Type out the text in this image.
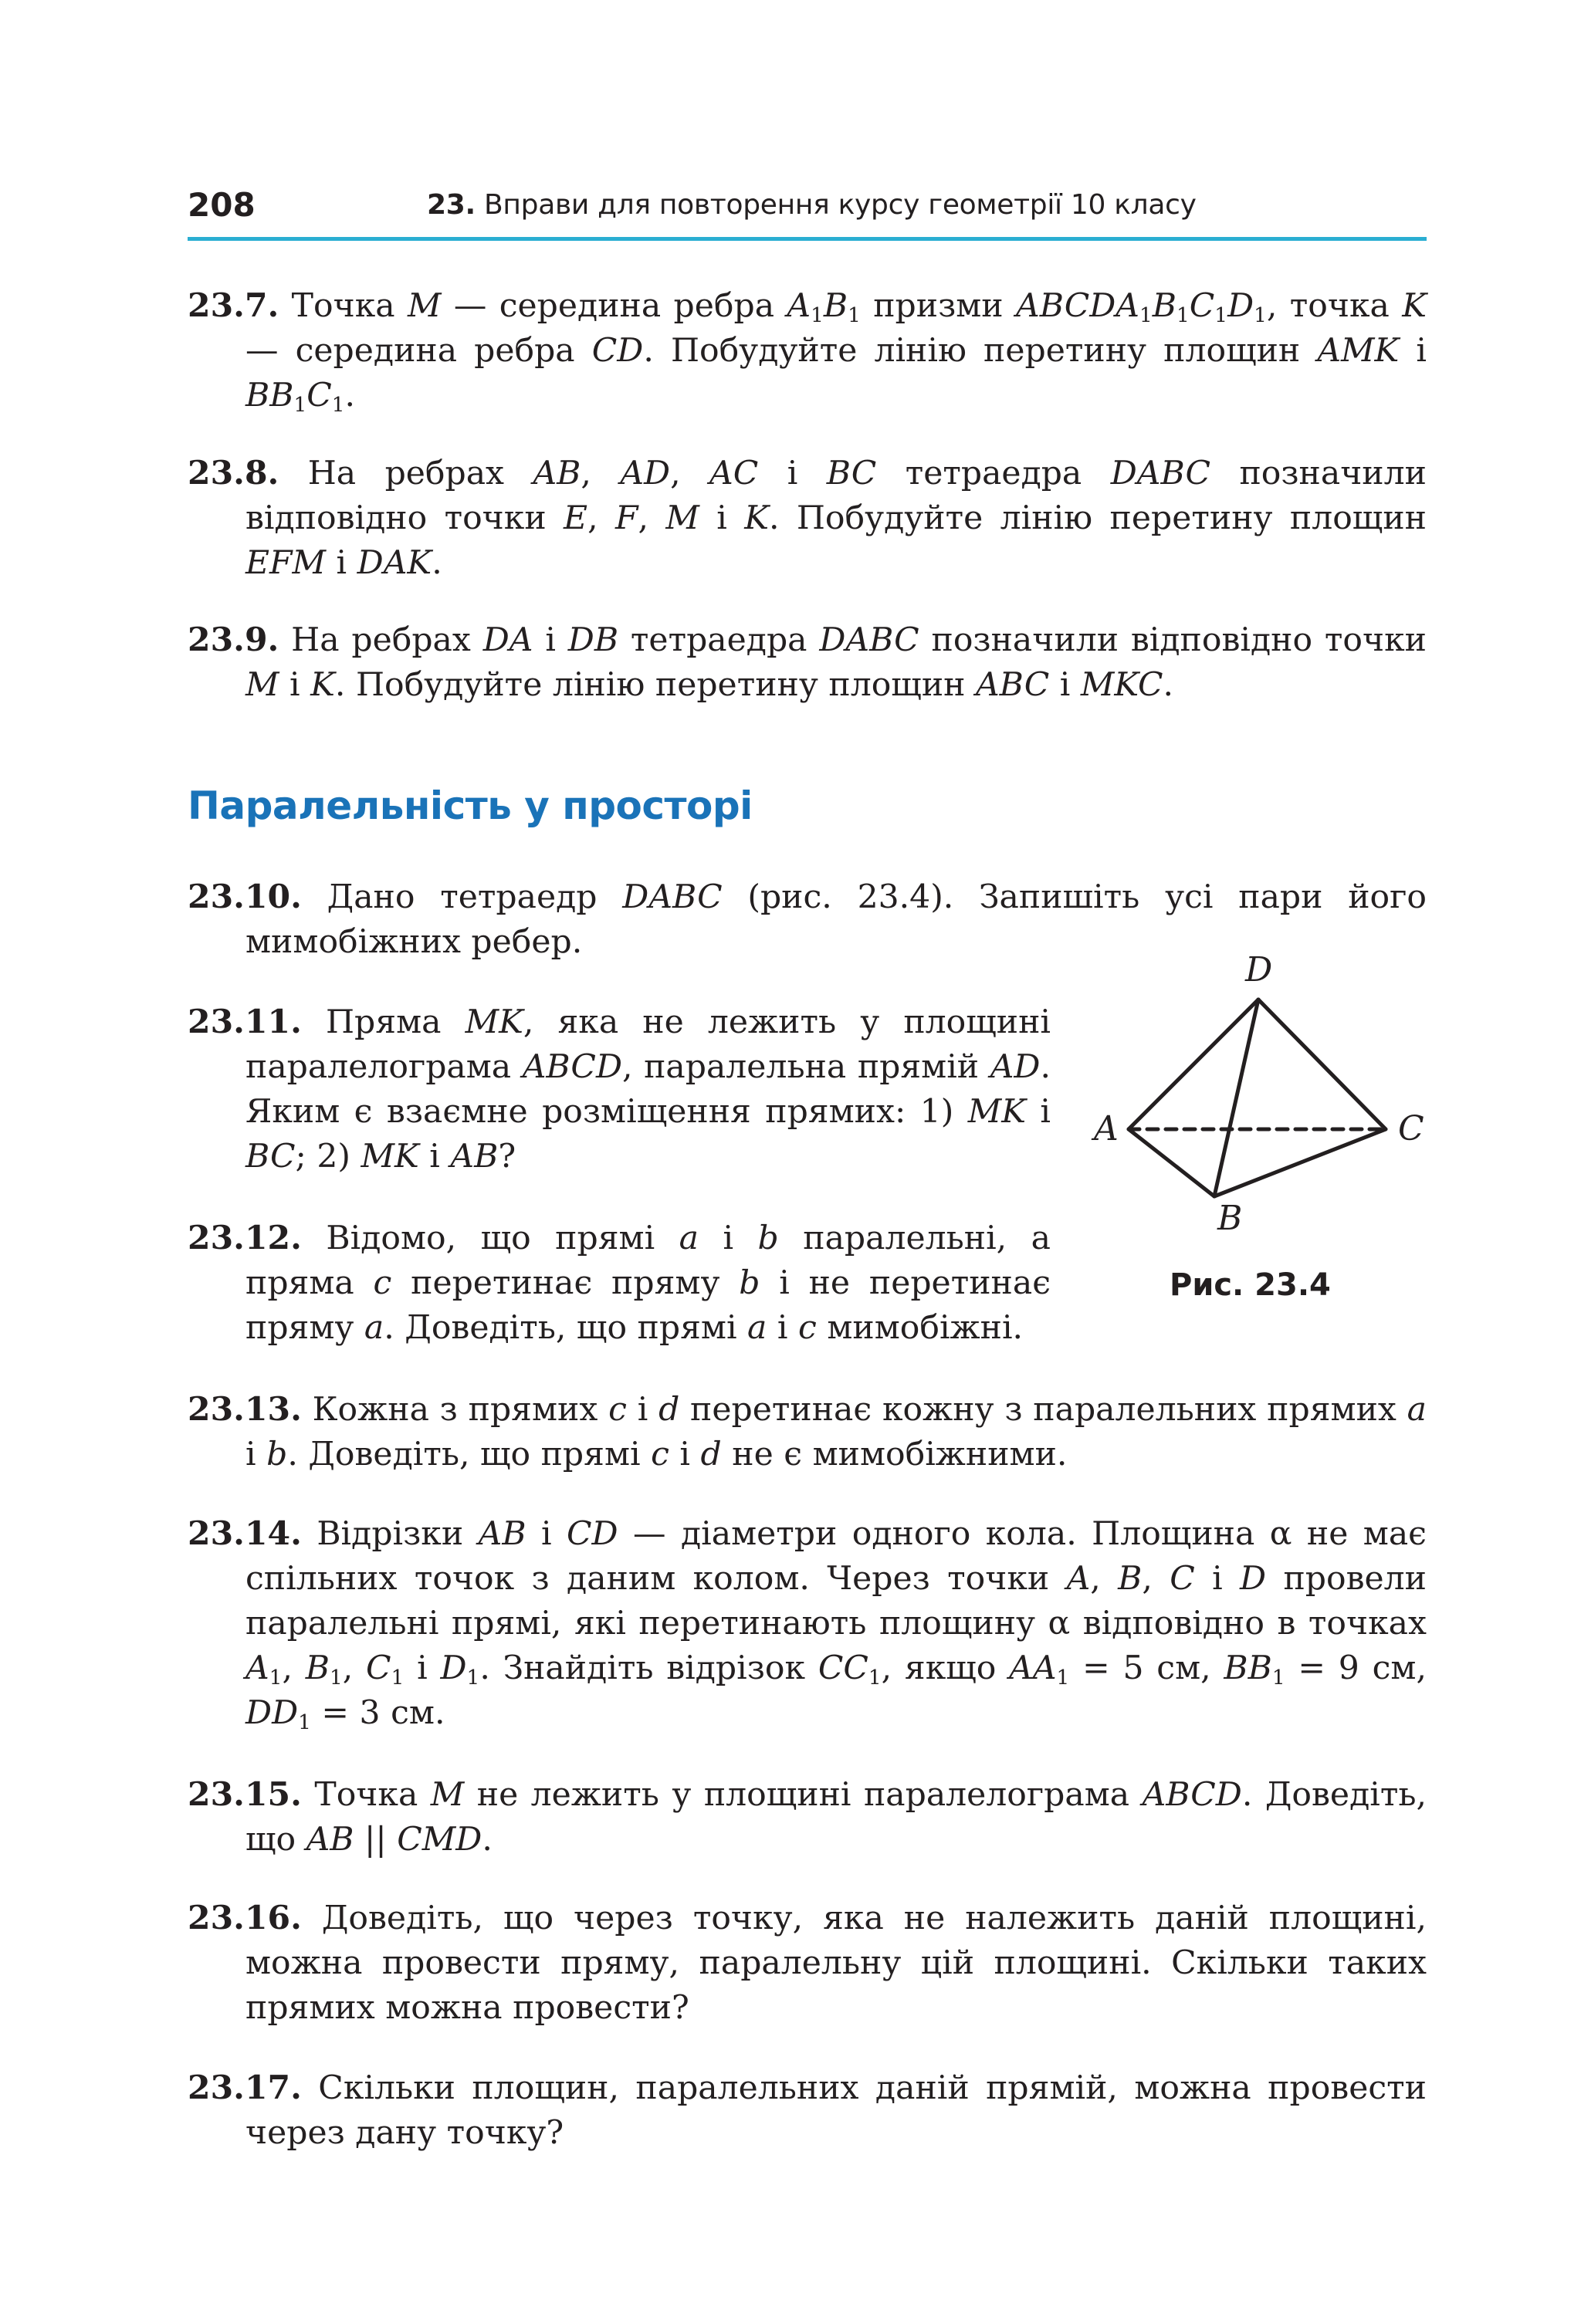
208	23. Вправи для повторення курсу геометрії 10 класу

23.7. Точка M — середина ребра $A_1B_1$ призми $ABCDA_1B_1C_1D_1$, точка K — середина ребра CD. Побудуйте лінію перетину площин AMK і $BB_1C_1$.

23.8. На ребрах AB, AD, AC і BC тетраедра DABC позначили відповідно точки E, F, M і K. Побудуйте лінію перетину площин EFM і DAK.

23.9. На ребрах DA і DB тетраедра DABC позначили відповідно точки M і K. Побудуйте лінію перетину площин ABC і MKC.

Паралельність у просторі

23.10. Дано тетраедр DABC (рис. 23.4). Запишіть усі пари його мимобіжних ребер.

D
A	C
B
Рис. 23.4

23.11. Пряма MK, яка не лежить у площині паралелограма ABCD, паралельна прямій AD. Яким є взаємне розміщення прямих: 1) MK і BC; 2) MK і AB?

23.12. Відомо, що прямі a і b паралельні, а пряма c перетинає пряму b і не перетинає пряму a. Доведіть, що прямі a і c мимобіжні.

23.13. Кожна з прямих c і d перетинає кожну з паралельних прямих a і b. Доведіть, що прямі c і d не є мимобіжними.

23.14. Відрізки AB і CD — діаметри одного кола. Площина α не має спільних точок з даним колом. Через точки A, B, C і D провели паралельні прямі, які перетинають площину α відповідно в точках $A_1$, $B_1$, $C_1$ і $D_1$. Знайдіть відрізок $CC_1$, якщо $AA_1 = 5$ см, $BB_1 = 9$ см, $DD_1 = 3$ см.

23.15. Точка M не лежить у площині паралелограма ABCD. Доведіть, що AB || CMD.

23.16. Доведіть, що через точку, яка не належить даній площині, можна провести пряму, паралельну цій площині. Скільки таких прямих можна провести?

23.17. Скільки площин, паралельних даній прямій, можна провести через дану точку?
